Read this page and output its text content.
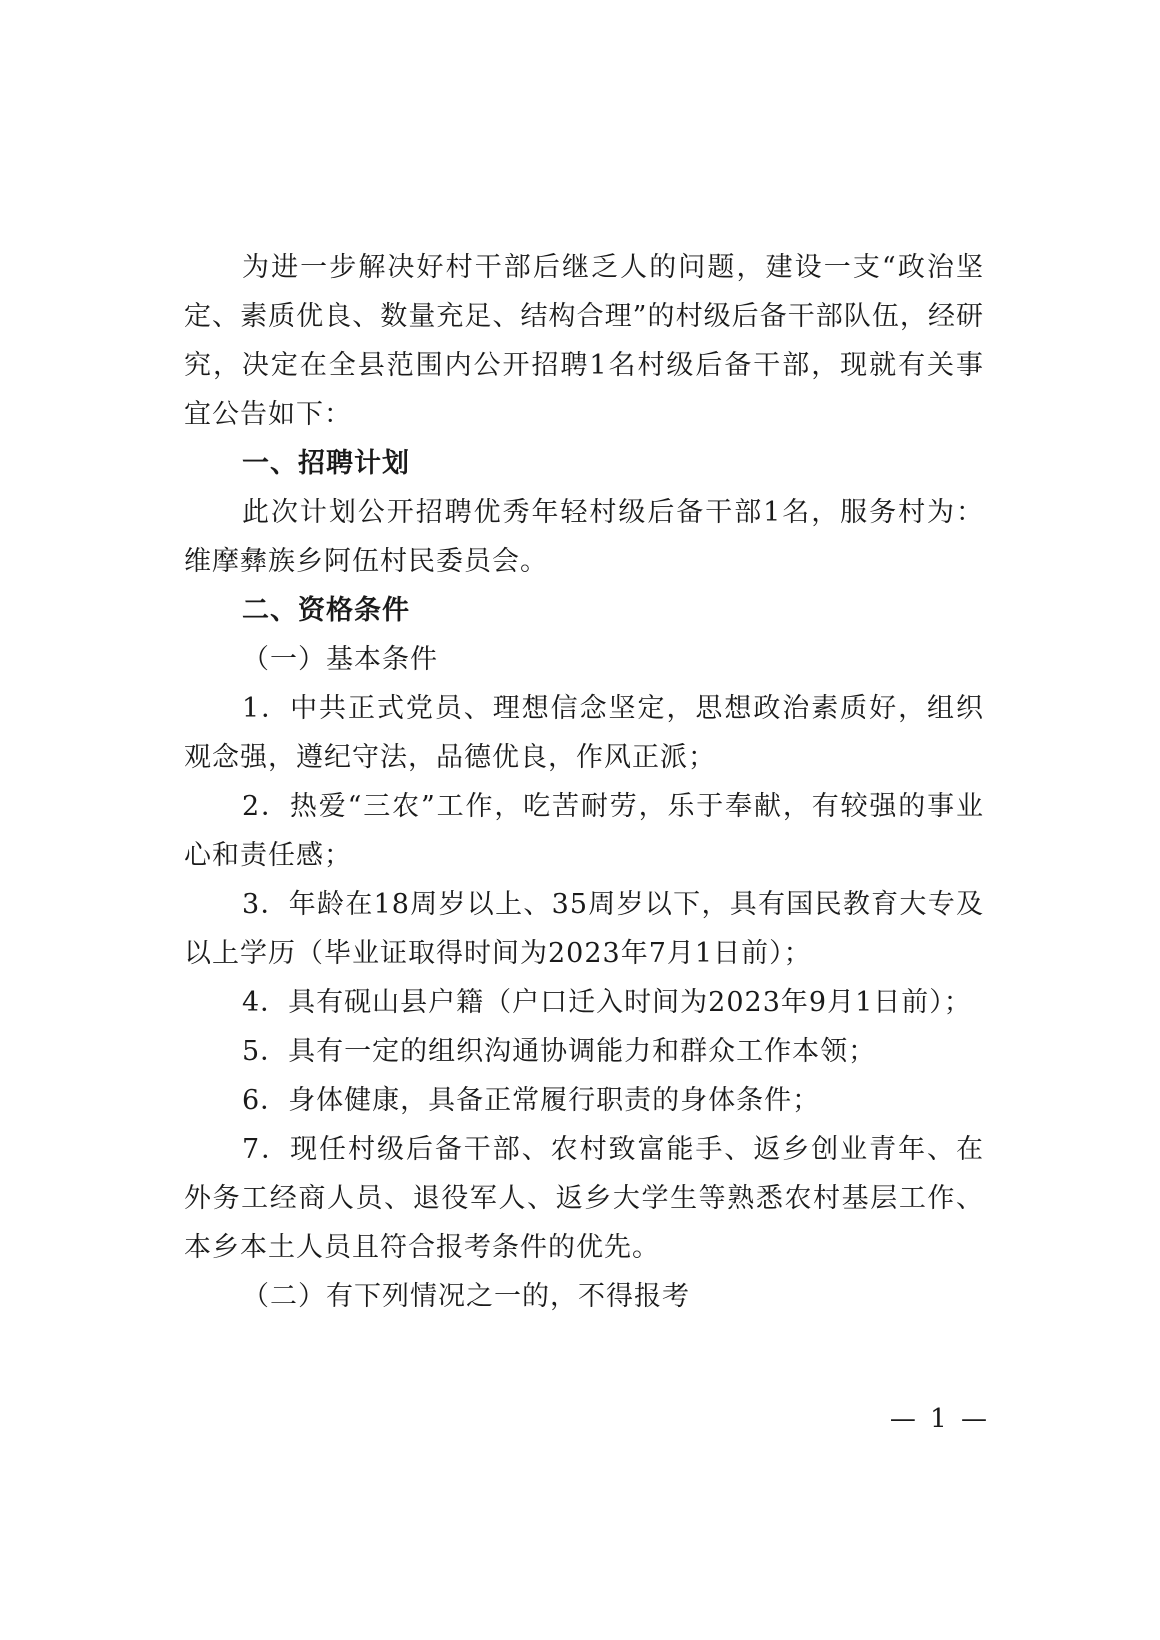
为进一步解决好村干部后继乏人的问题，建设一支“政治坚定、素质优良、数量充足、结构合理”的村级后备干部队伍，经研究，决定在全县范围内公开招聘1名村级后备干部，现就有关事宜公告如下：

一、招聘计划

此次计划公开招聘优秀年轻村级后备干部1名，服务村为：维摩彝族乡阿伍村民委员会。

二、资格条件

（一）基本条件

1．中共正式党员、理想信念坚定，思想政治素质好，组织观念强，遵纪守法，品德优良，作风正派；

2．热爱“三农”工作，吃苦耐劳，乐于奉献，有较强的事业心和责任感；

3．年龄在18周岁以上、35周岁以下，具有国民教育大专及以上学历（毕业证取得时间为2023年7月1日前）；

4．具有砚山县户籍（户口迁入时间为2023年9月1日前）；

5．具有一定的组织沟通协调能力和群众工作本领；

6．身体健康，具备正常履行职责的身体条件；

7．现任村级后备干部、农村致富能手、返乡创业青年、在外务工经商人员、退役军人、返乡大学生等熟悉农村基层工作、本乡本土人员且符合报考条件的优先。

（二）有下列情况之一的，不得报考

— 1 —
